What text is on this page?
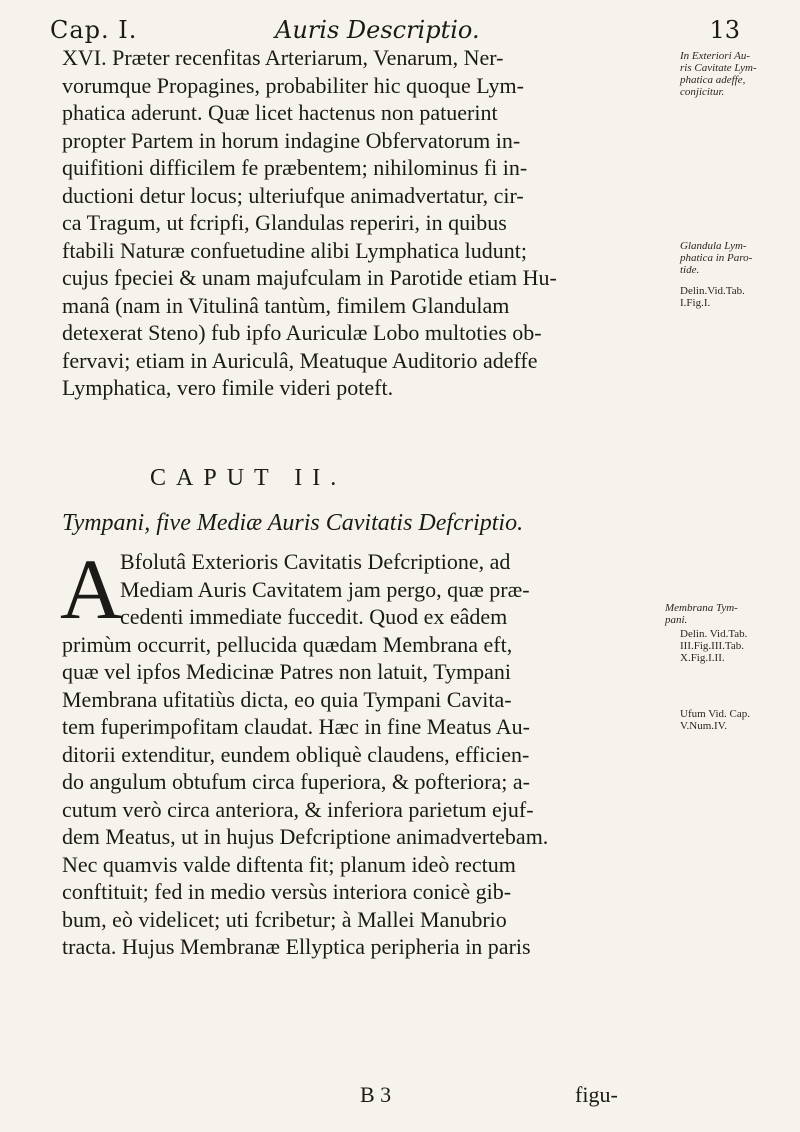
Cap. I.	Auris Descriptio.	13
XVI. Præter recenfitas Arteriarum, Venarum, Ner-
vorumque Propagines, probabiliter hic quoque Lym-
phatica aderunt. Quæ licet hactenus non patuerint
propter Partem in horum indagine Obfervatorum in-
quifitioni difficilem fe præbentem; nihilominus fi in-
ductioni detur locus; ulteriufque animadvertatur, cir-
ca Tragum, ut fcripfi, Glandulas reperiri, in quibus
ftabili Naturæ confuetudine alibi Lymphatica ludunt;
cujus fpeciei & unam majufculam in Parotide etiam Hu-
manâ (nam in Vitulinâ tantùm, fimilem Glandulam
detexerat Steno) fub ipfo Auriculæ Lobo multoties ob-
fervavi; etiam in Auriculâ, Meatuque Auditorio adeffe
Lymphatica, vero fimile videri poteft.
CAPUT II.
Tympani, five Mediæ Auris Cavitatis Defcriptio.
A
Bfolutâ Exterioris Cavitatis Defcriptione, ad
Mediam Auris Cavitatem jam pergo, quæ præ-
cedenti immediate fuccedit. Quod ex eâdem
primùm occurrit, pellucida quædam Membrana eft,
quæ vel ipfos Medicinæ Patres non latuit, Tympani
Membrana ufitatiùs dicta, eo quia Tympani Cavita-
tem fuperimpofitam claudat. Hæc in fine Meatus Au-
ditorii extenditur, eundem obliquè claudens, efficien-
do angulum obtufum circa fuperiora, & pofteriora; a-
cutum verò circa anteriora, & inferiora parietum ejuf-
dem Meatus, ut in hujus Defcriptione animadvertebam.
Nec quamvis valde diftenta fit; planum ideò rectum
conftituit; fed in medio versùs interiora conicè gib-
bum, eò videlicet; uti fcribetur; à Mallei Manubrio
tracta. Hujus Membranæ Ellyptica peripheria in paris
In Exteriori Au-
ris Cavitate Lym-
phatica adeffe,
conjicitur.
Glandula Lym-
phatica in Paro-
tide.
Delin.Vid.Tab.
I.Fig.I.
Membrana Tym-
pani.
Delin. Vid.Tab.
III.Fig.III.Tab.
X.Fig.I.II.
Ufum Vid. Cap.
V.Num.IV.
B 3	figu-
